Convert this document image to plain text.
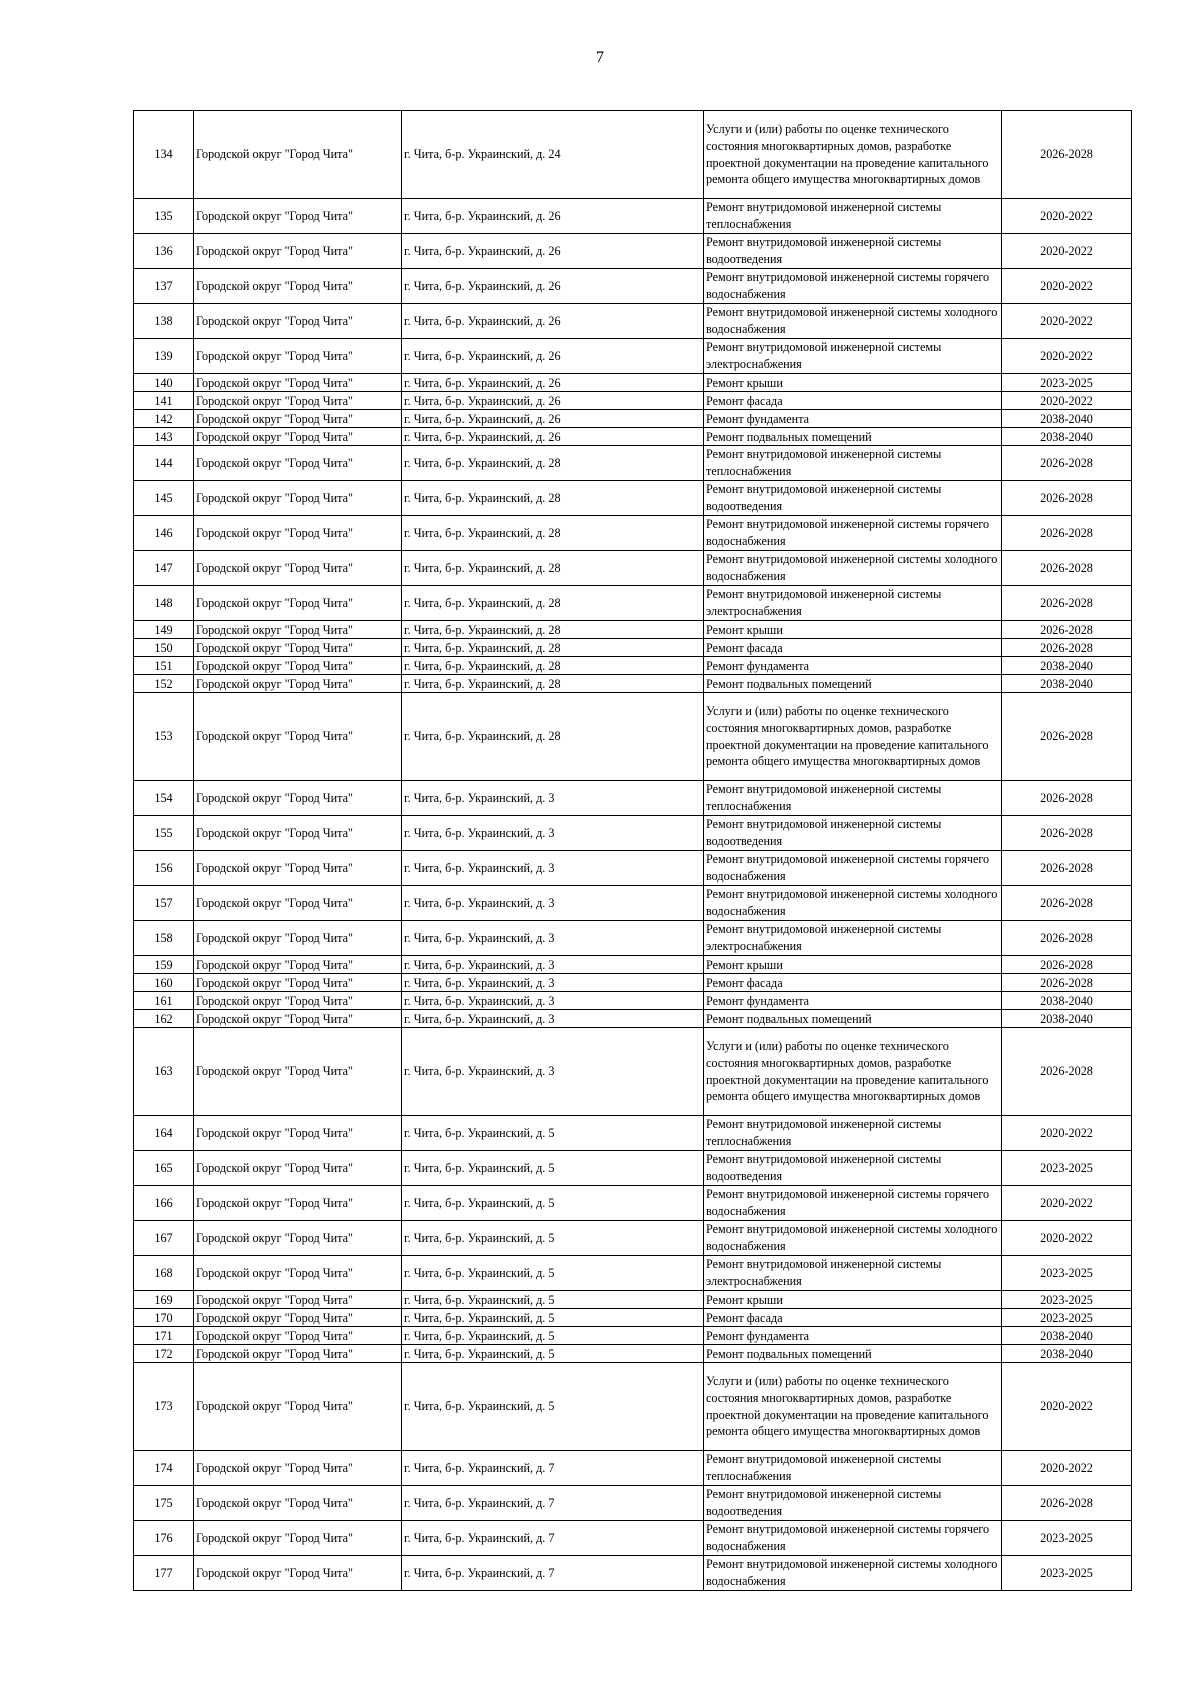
7
134	Городской округ "Город Чита"	г. Чита, б-р. Украинский, д. 24	Услуги и (или) работы по оценке технического состояния многоквартирных домов, разработке проектной документации на проведение капитального ремонта общего имущества многоквартирных домов	2026-2028
135	Городской округ "Город Чита"	г. Чита, б-р. Украинский, д. 26	Ремонт внутридомовой инженерной системы теплоснабжения	2020-2022
136	Городской округ "Город Чита"	г. Чита, б-р. Украинский, д. 26	Ремонт внутридомовой инженерной системы водоотведения	2020-2022
137	Городской округ "Город Чита"	г. Чита, б-р. Украинский, д. 26	Ремонт внутридомовой инженерной системы горячего водоснабжения	2020-2022
138	Городской округ "Город Чита"	г. Чита, б-р. Украинский, д. 26	Ремонт внутридомовой инженерной системы холодного водоснабжения	2020-2022
139	Городской округ "Город Чита"	г. Чита, б-р. Украинский, д. 26	Ремонт внутридомовой инженерной системы электроснабжения	2020-2022
140	Городской округ "Город Чита"	г. Чита, б-р. Украинский, д. 26	Ремонт крыши	2023-2025
141	Городской округ "Город Чита"	г. Чита, б-р. Украинский, д. 26	Ремонт фасада	2020-2022
142	Городской округ "Город Чита"	г. Чита, б-р. Украинский, д. 26	Ремонт фундамента	2038-2040
143	Городской округ "Город Чита"	г. Чита, б-р. Украинский, д. 26	Ремонт подвальных помещений	2038-2040
144	Городской округ "Город Чита"	г. Чита, б-р. Украинский, д. 28	Ремонт внутридомовой инженерной системы теплоснабжения	2026-2028
145	Городской округ "Город Чита"	г. Чита, б-р. Украинский, д. 28	Ремонт внутридомовой инженерной системы водоотведения	2026-2028
146	Городской округ "Город Чита"	г. Чита, б-р. Украинский, д. 28	Ремонт внутридомовой инженерной системы горячего водоснабжения	2026-2028
147	Городской округ "Город Чита"	г. Чита, б-р. Украинский, д. 28	Ремонт внутридомовой инженерной системы холодного водоснабжения	2026-2028
148	Городской округ "Город Чита"	г. Чита, б-р. Украинский, д. 28	Ремонт внутридомовой инженерной системы электроснабжения	2026-2028
149	Городской округ "Город Чита"	г. Чита, б-р. Украинский, д. 28	Ремонт крыши	2026-2028
150	Городской округ "Город Чита"	г. Чита, б-р. Украинский, д. 28	Ремонт фасада	2026-2028
151	Городской округ "Город Чита"	г. Чита, б-р. Украинский, д. 28	Ремонт фундамента	2038-2040
152	Городской округ "Город Чита"	г. Чита, б-р. Украинский, д. 28	Ремонт подвальных помещений	2038-2040
153	Городской округ "Город Чита"	г. Чита, б-р. Украинский, д. 28	Услуги и (или) работы по оценке технического состояния многоквартирных домов, разработке проектной документации на проведение капитального ремонта общего имущества многоквартирных домов	2026-2028
154	Городской округ "Город Чита"	г. Чита, б-р. Украинский, д. 3	Ремонт внутридомовой инженерной системы теплоснабжения	2026-2028
155	Городской округ "Город Чита"	г. Чита, б-р. Украинский, д. 3	Ремонт внутридомовой инженерной системы водоотведения	2026-2028
156	Городской округ "Город Чита"	г. Чита, б-р. Украинский, д. 3	Ремонт внутридомовой инженерной системы горячего водоснабжения	2026-2028
157	Городской округ "Город Чита"	г. Чита, б-р. Украинский, д. 3	Ремонт внутридомовой инженерной системы холодного водоснабжения	2026-2028
158	Городской округ "Город Чита"	г. Чита, б-р. Украинский, д. 3	Ремонт внутридомовой инженерной системы электроснабжения	2026-2028
159	Городской округ "Город Чита"	г. Чита, б-р. Украинский, д. 3	Ремонт крыши	2026-2028
160	Городской округ "Город Чита"	г. Чита, б-р. Украинский, д. 3	Ремонт фасада	2026-2028
161	Городской округ "Город Чита"	г. Чита, б-р. Украинский, д. 3	Ремонт фундамента	2038-2040
162	Городской округ "Город Чита"	г. Чита, б-р. Украинский, д. 3	Ремонт подвальных помещений	2038-2040
163	Городской округ "Город Чита"	г. Чита, б-р. Украинский, д. 3	Услуги и (или) работы по оценке технического состояния многоквартирных домов, разработке проектной документации на проведение капитального ремонта общего имущества многоквартирных домов	2026-2028
164	Городской округ "Город Чита"	г. Чита, б-р. Украинский, д. 5	Ремонт внутридомовой инженерной системы теплоснабжения	2020-2022
165	Городской округ "Город Чита"	г. Чита, б-р. Украинский, д. 5	Ремонт внутридомовой инженерной системы водоотведения	2023-2025
166	Городской округ "Город Чита"	г. Чита, б-р. Украинский, д. 5	Ремонт внутридомовой инженерной системы горячего водоснабжения	2020-2022
167	Городской округ "Город Чита"	г. Чита, б-р. Украинский, д. 5	Ремонт внутридомовой инженерной системы холодного водоснабжения	2020-2022
168	Городской округ "Город Чита"	г. Чита, б-р. Украинский, д. 5	Ремонт внутридомовой инженерной системы электроснабжения	2023-2025
169	Городской округ "Город Чита"	г. Чита, б-р. Украинский, д. 5	Ремонт крыши	2023-2025
170	Городской округ "Город Чита"	г. Чита, б-р. Украинский, д. 5	Ремонт фасада	2023-2025
171	Городской округ "Город Чита"	г. Чита, б-р. Украинский, д. 5	Ремонт фундамента	2038-2040
172	Городской округ "Город Чита"	г. Чита, б-р. Украинский, д. 5	Ремонт подвальных помещений	2038-2040
173	Городской округ "Город Чита"	г. Чита, б-р. Украинский, д. 5	Услуги и (или) работы по оценке технического состояния многоквартирных домов, разработке проектной документации на проведение капитального ремонта общего имущества многоквартирных домов	2020-2022
174	Городской округ "Город Чита"	г. Чита, б-р. Украинский, д. 7	Ремонт внутридомовой инженерной системы теплоснабжения	2020-2022
175	Городской округ "Город Чита"	г. Чита, б-р. Украинский, д. 7	Ремонт внутридомовой инженерной системы водоотведения	2026-2028
176	Городской округ "Город Чита"	г. Чита, б-р. Украинский, д. 7	Ремонт внутридомовой инженерной системы горячего водоснабжения	2023-2025
177	Городской округ "Город Чита"	г. Чита, б-р. Украинский, д. 7	Ремонт внутридомовой инженерной системы холодного водоснабжения	2023-2025
